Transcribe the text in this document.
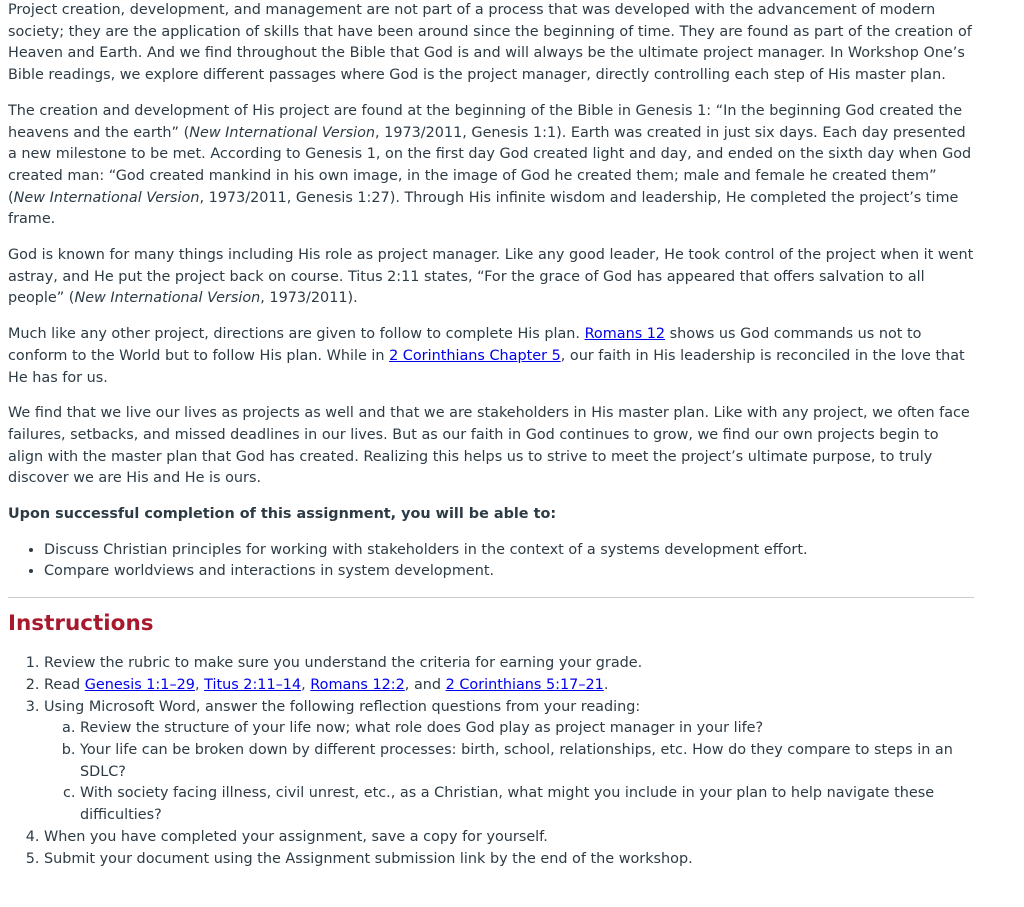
Project creation, development, and management are not part of a process that was developed with the advancement of modern society; they are the application of skills that have been around since the beginning of time. They are found as part of the creation of Heaven and Earth. And we find throughout the Bible that God is and will always be the ultimate project manager. In Workshop One’s Bible readings, we explore different passages where God is the project manager, directly controlling each step of His master plan.

The creation and development of His project are found at the beginning of the Bible in Genesis 1: “In the beginning God created the heavens and the earth” (New International Version, 1973/2011, Genesis 1:1). Earth was created in just six days. Each day presented a new milestone to be met. According to Genesis 1, on the first day God created light and day, and ended on the sixth day when God created man: “God created mankind in his own image, in the image of God he created them; male and female he created them” (New International Version, 1973/2011, Genesis 1:27). Through His infinite wisdom and leadership, He completed the project’s time frame.

God is known for many things including His role as project manager. Like any good leader, He took control of the project when it went astray, and He put the project back on course. Titus 2:11 states, “For the grace of God has appeared that offers salvation to all people” (New International Version, 1973/2011).

Much like any other project, directions are given to follow to complete His plan. Romans 12 shows us God commands us not to conform to the World but to follow His plan. While in 2 Corinthians Chapter 5, our faith in His leadership is reconciled in the love that He has for us.

We find that we live our lives as projects as well and that we are stakeholders in His master plan. Like with any project, we often face failures, setbacks, and missed deadlines in our lives. But as our faith in God continues to grow, we find our own projects begin to align with the master plan that God has created. Realizing this helps us to strive to meet the project’s ultimate purpose, to truly discover we are His and He is ours.

Upon successful completion of this assignment, you will be able to:

• Discuss Christian principles for working with stakeholders in the context of a systems development effort.
• Compare worldviews and interactions in system development.
Instructions
1. Review the rubric to make sure you understand the criteria for earning your grade.
2. Read Genesis 1:1–29, Titus 2:11–14, Romans 12:2, and 2 Corinthians 5:17–21.
3. Using Microsoft Word, answer the following reflection questions from your reading:
a. Review the structure of your life now; what role does God play as project manager in your life?
b. Your life can be broken down by different processes: birth, school, relationships, etc. How do they compare to steps in an SDLC?
c. With society facing illness, civil unrest, etc., as a Christian, what might you include in your plan to help navigate these difficulties?
4. When you have completed your assignment, save a copy for yourself.
5. Submit your document using the Assignment submission link by the end of the workshop.
